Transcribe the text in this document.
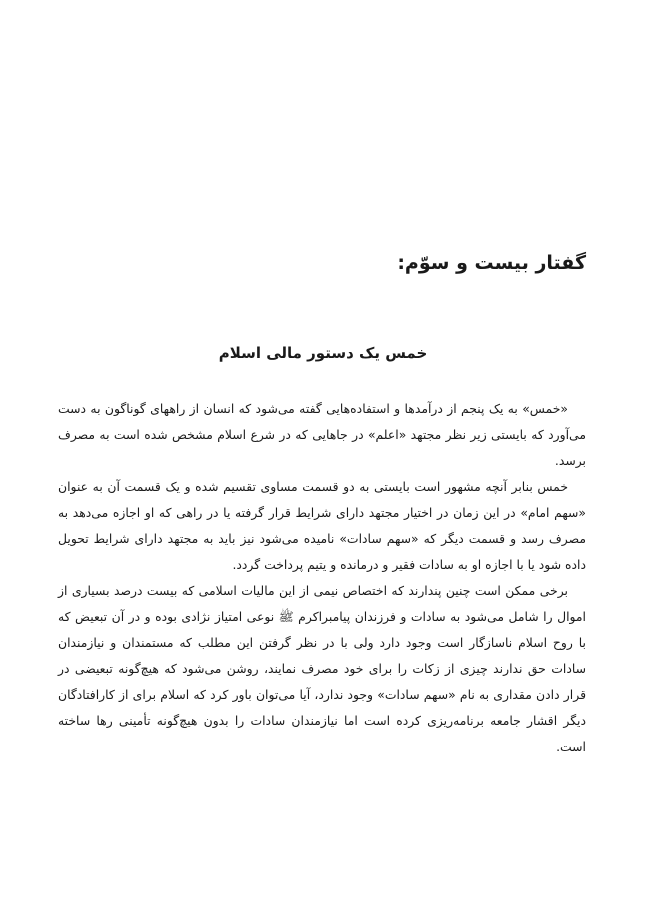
گفتار بیست و سوّم:
خمس یک دستور مالی اسلام

«خمس» به یک پنجم از درآمدها و استفاده‌هایی گفته می‌شود که انسان از راههای گوناگون به دست می‌آورد که بایستی زیر نظر مجتهد «اعلم» در جاهایی که در شرع اسلام مشخص شده است به مصرف برسد.

خمس بنابر آنچه مشهور است بایستی به دو قسمت مساوی تقسیم شده و یک قسمت آن به عنوان «سهم امام» در این زمان در اختیار مجتهد دارای شرایط قرار گرفته یا در راهی که او اجازه می‌دهد به مصرف رسد و قسمت دیگر که «سهم سادات» نامیده می‌شود نیز باید به مجتهد دارای شرایط تحویل داده شود یا با اجازه او به سادات فقیر و درمانده و یتیم پرداخت گردد.

برخی ممکن است چنین پندارند که اختصاص نیمی از این مالیات اسلامی که بیست درصد بسیاری از اموال را شامل می‌شود به سادات و فرزندان پیامبراکرم ﷺ نوعی امتیاز نژادی بوده و در آن تبعیض که با روح اسلام ناسازگار است وجود دارد ولی با در نظر گرفتن این مطلب که مستمندان و نیازمندان سادات حق ندارند چیزی از زکات را برای خود مصرف نمایند، روشن می‌شود که هیچ‌گونه تبعیضی در قرار دادن مقداری به نام «سهم سادات» وجود ندارد، آیا می‌توان باور کرد که اسلام برای از کارافتادگان دیگر اقشار جامعه برنامه‌ریزی کرده است اما نیازمندان سادات را بدون هیچ‌گونه تأمینی رها ساخته است.
